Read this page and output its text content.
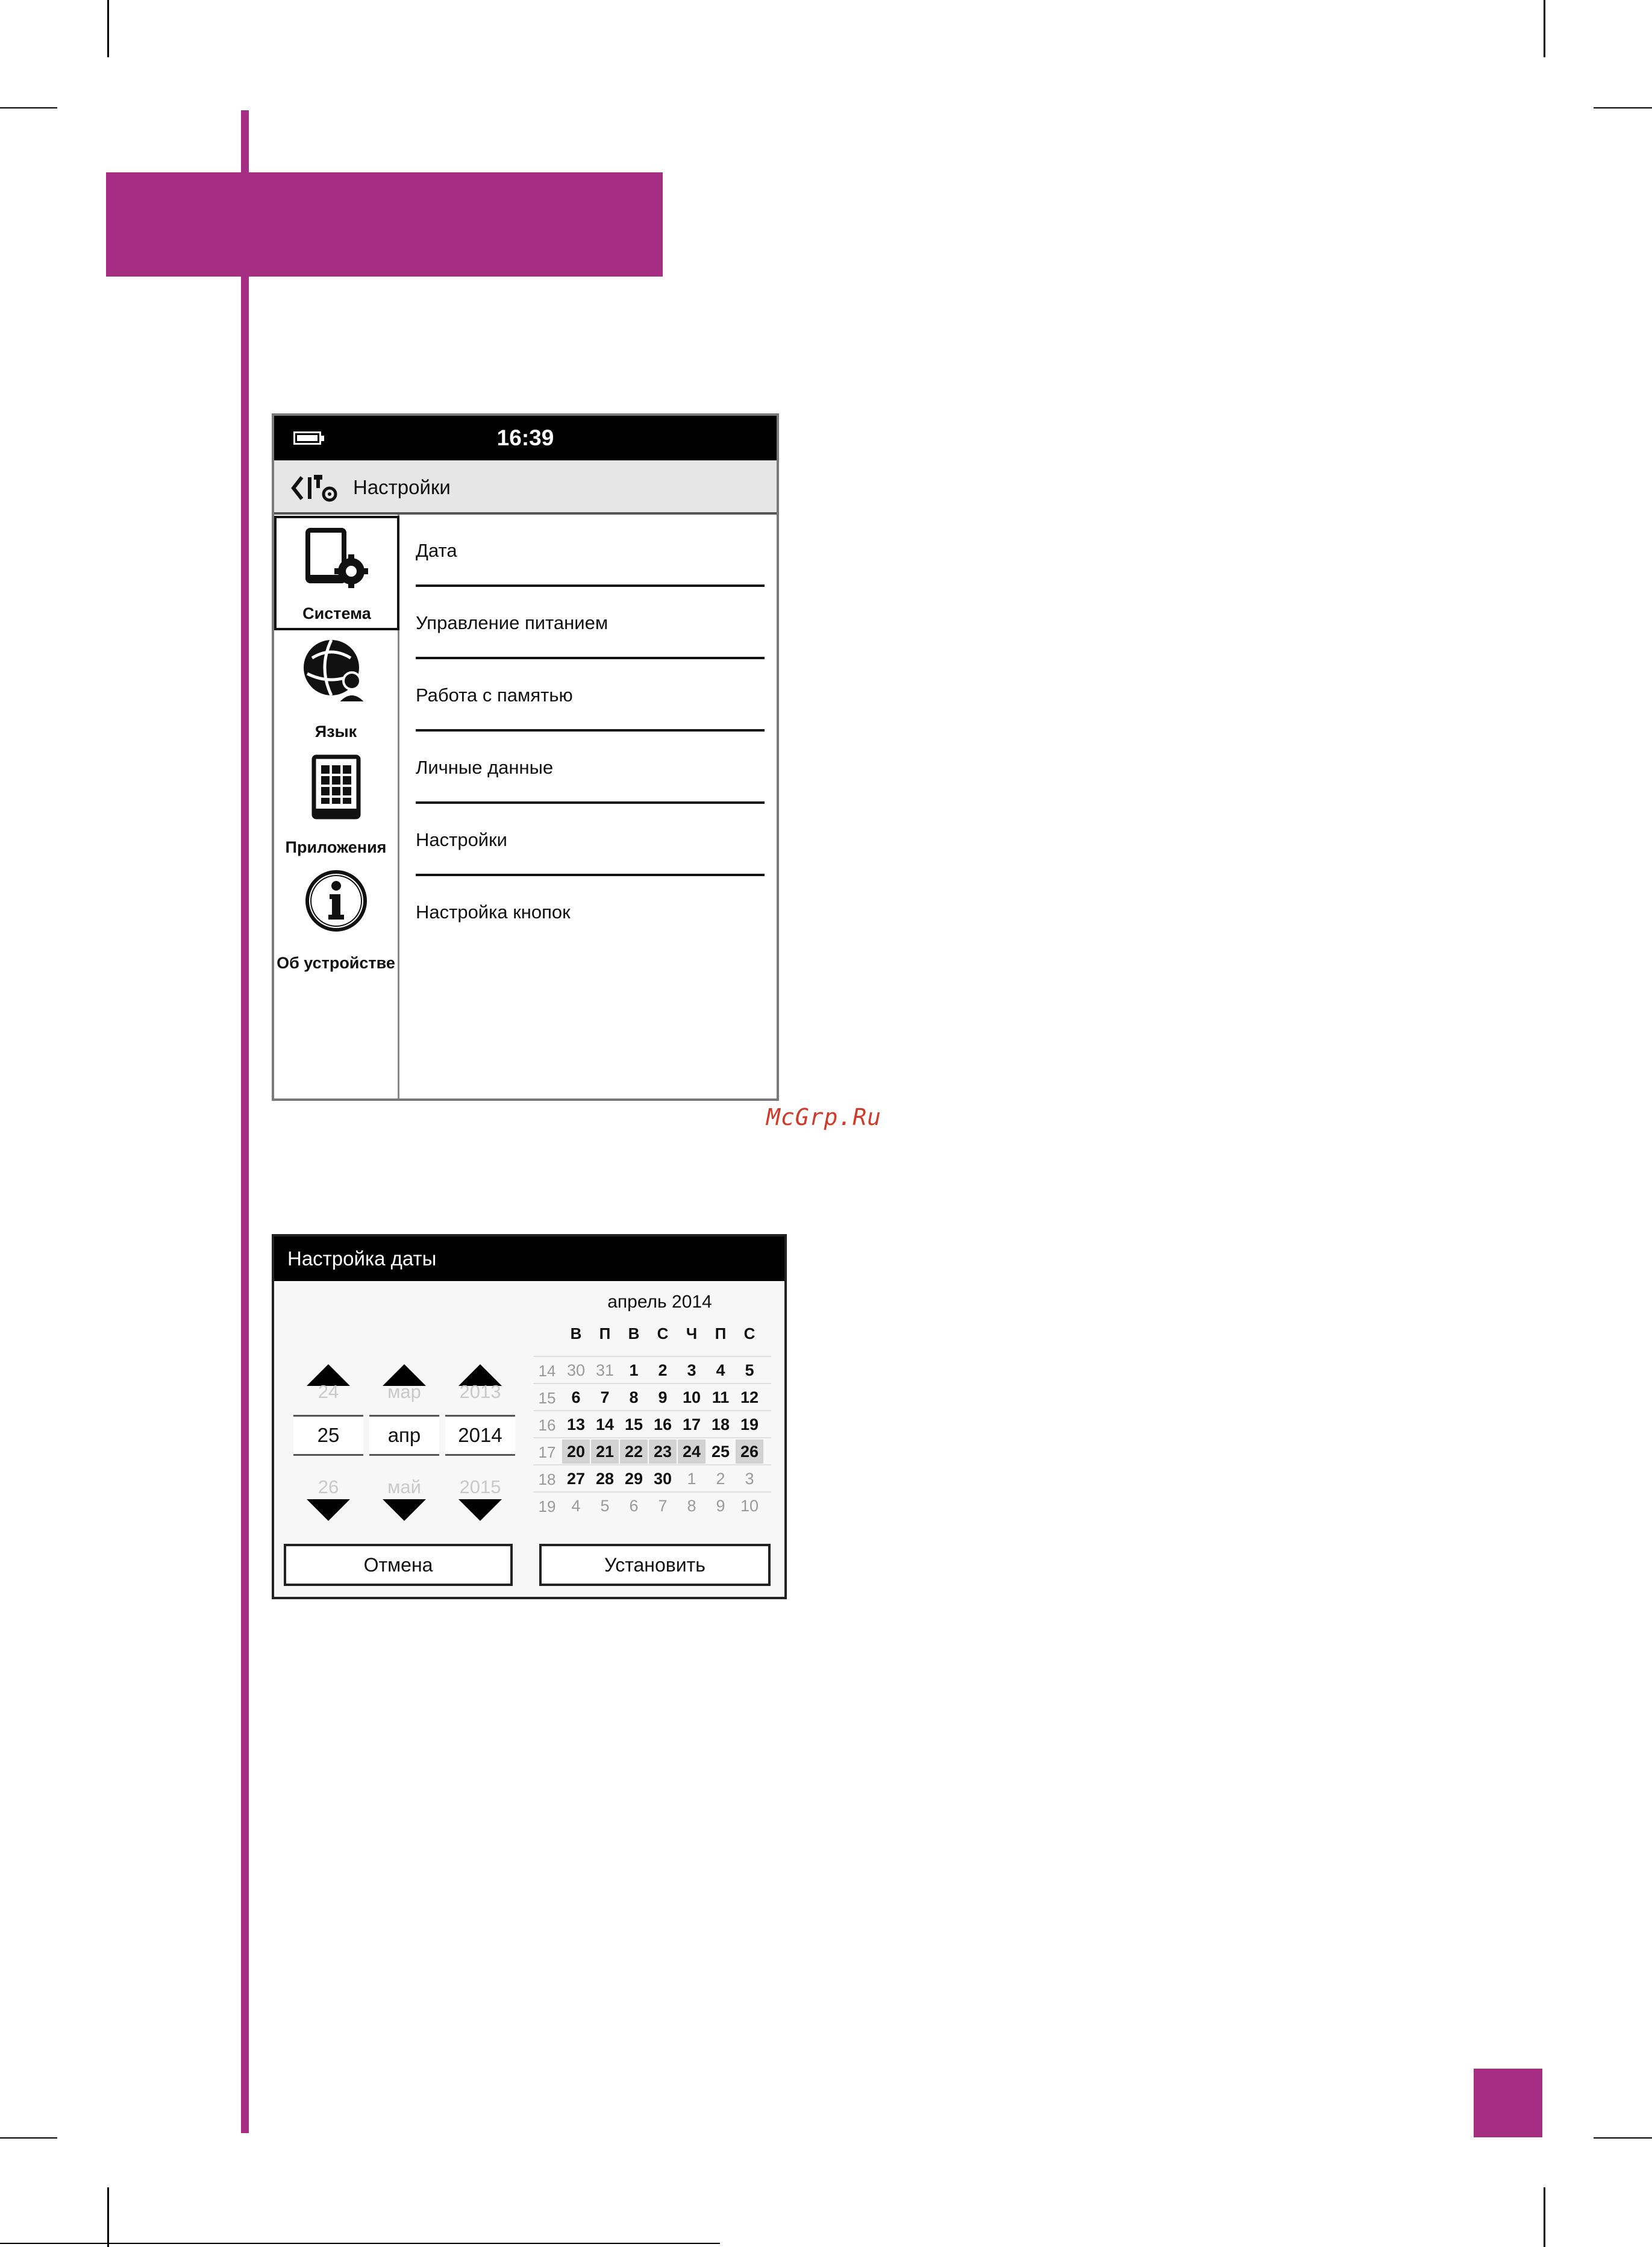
16:39
Настройки
Система
Язык
Приложения
Об устройстве
Дата
Управление питанием
Работа с памятью
Личные данные
Настройки
Настройка кнопок
McGrp.Ru
Настройка даты
24
25
26
мар
апр
май
2013
2014
2015
апрель 2014
В	П	В	С	Ч	П	С
14 30 31 1	2	3	4	5
15 6	7	8	9 10 11 12
16 13 14 15 16 17 18 19
17 20 21 22 23 24 25 26
18 27 28 29 30 1	2	3
19 4	5	6	7	8	9 10
Отмена	Установить
